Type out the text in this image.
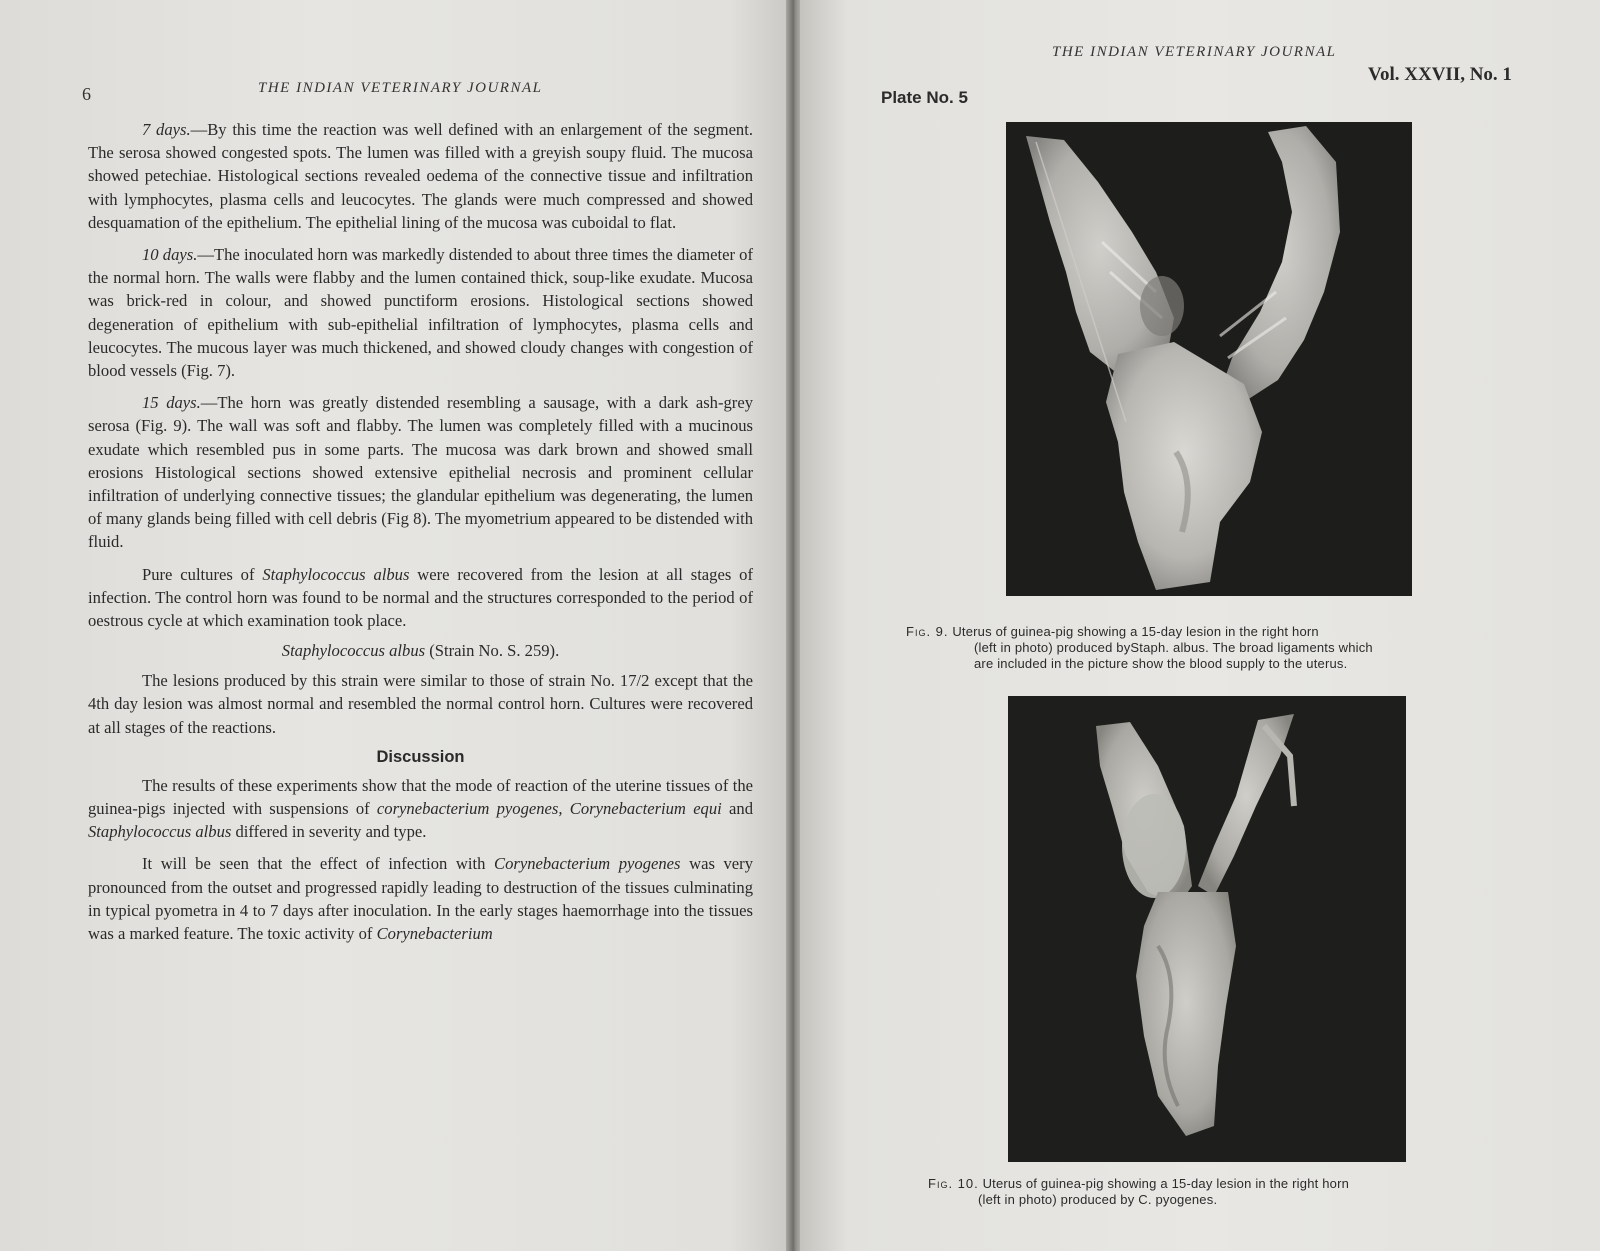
6	THE INDIAN VETERINARY JOURNAL

7 days.—By this time the reaction was well defined with an enlargement of the segment. The serosa showed congested spots. The lumen was filled with a greyish soupy fluid. The mucosa showed petechiae. Histological sections revealed oedema of the connective tissue and infiltration with lymphocytes, plasma cells and leucocytes. The glands were much compressed and showed desquamation of the epithelium. The epithelial lining of the mucosa was cuboidal to flat.

10 days.—The inoculated horn was markedly distended to about three times the diameter of the normal horn. The walls were flabby and the lumen contained thick, soup-like exudate. Mucosa was brick-red in colour, and showed punctiform erosions. Histological sections showed degeneration of epithelium with sub-epithelial infiltration of lymphocytes, plasma cells and leucocytes. The mucous layer was much thickened, and showed cloudy changes with congestion of blood vessels (Fig. 7).

15 days.—The horn was greatly distended resembling a sausage, with a dark ash-grey serosa (Fig. 9). The wall was soft and flabby. The lumen was completely filled with a mucinous exudate which resembled pus in some parts. The mucosa was dark brown and showed small erosions Histological sections showed extensive epithelial necrosis and prominent cellular infiltration of underlying connective tissues; the glandular epithelium was degenerating, the lumen of many glands being filled with cell debris (Fig 8). The myometrium appeared to be distended with fluid.

Pure cultures of Staphylococcus albus were recovered from the lesion at all stages of infection. The control horn was found to be normal and the structures corresponded to the period of oestrous cycle at which examination took place.

Staphylococcus albus (Strain No. S. 259).

The lesions produced by this strain were similar to those of strain No. 17/2 except that the 4th day lesion was almost normal and resembled the normal control horn. Cultures were recovered at all stages of the reactions.

Discussion

The results of these experiments show that the mode of reaction of the uterine tissues of the guinea-pigs injected with suspensions of corynebacterium pyogenes, Corynebacterium equi and Staphylococcus albus differed in severity and type.

It will be seen that the effect of infection with Corynebacterium pyogenes was very pronounced from the outset and progressed rapidly leading to destruction of the tissues culminating in typical pyometra in 4 to 7 days after inoculation. In the early stages haemorrhage into the tissues was a marked feature. The toxic activity of Corynebacterium

THE INDIAN VETERINARY JOURNAL
Plate No. 5
Vol. XXVII, No. 1
Fig. 9. Uterus of guinea-pig showing a 15-day lesion in the right horn
(left in photo) produced byStaph. albus. The broad ligaments which
are included in the picture show the blood supply to the uterus.
Fig. 10. Uterus of guinea-pig showing a 15-day lesion in the right horn
(left in photo) produced by C. pyogenes.
